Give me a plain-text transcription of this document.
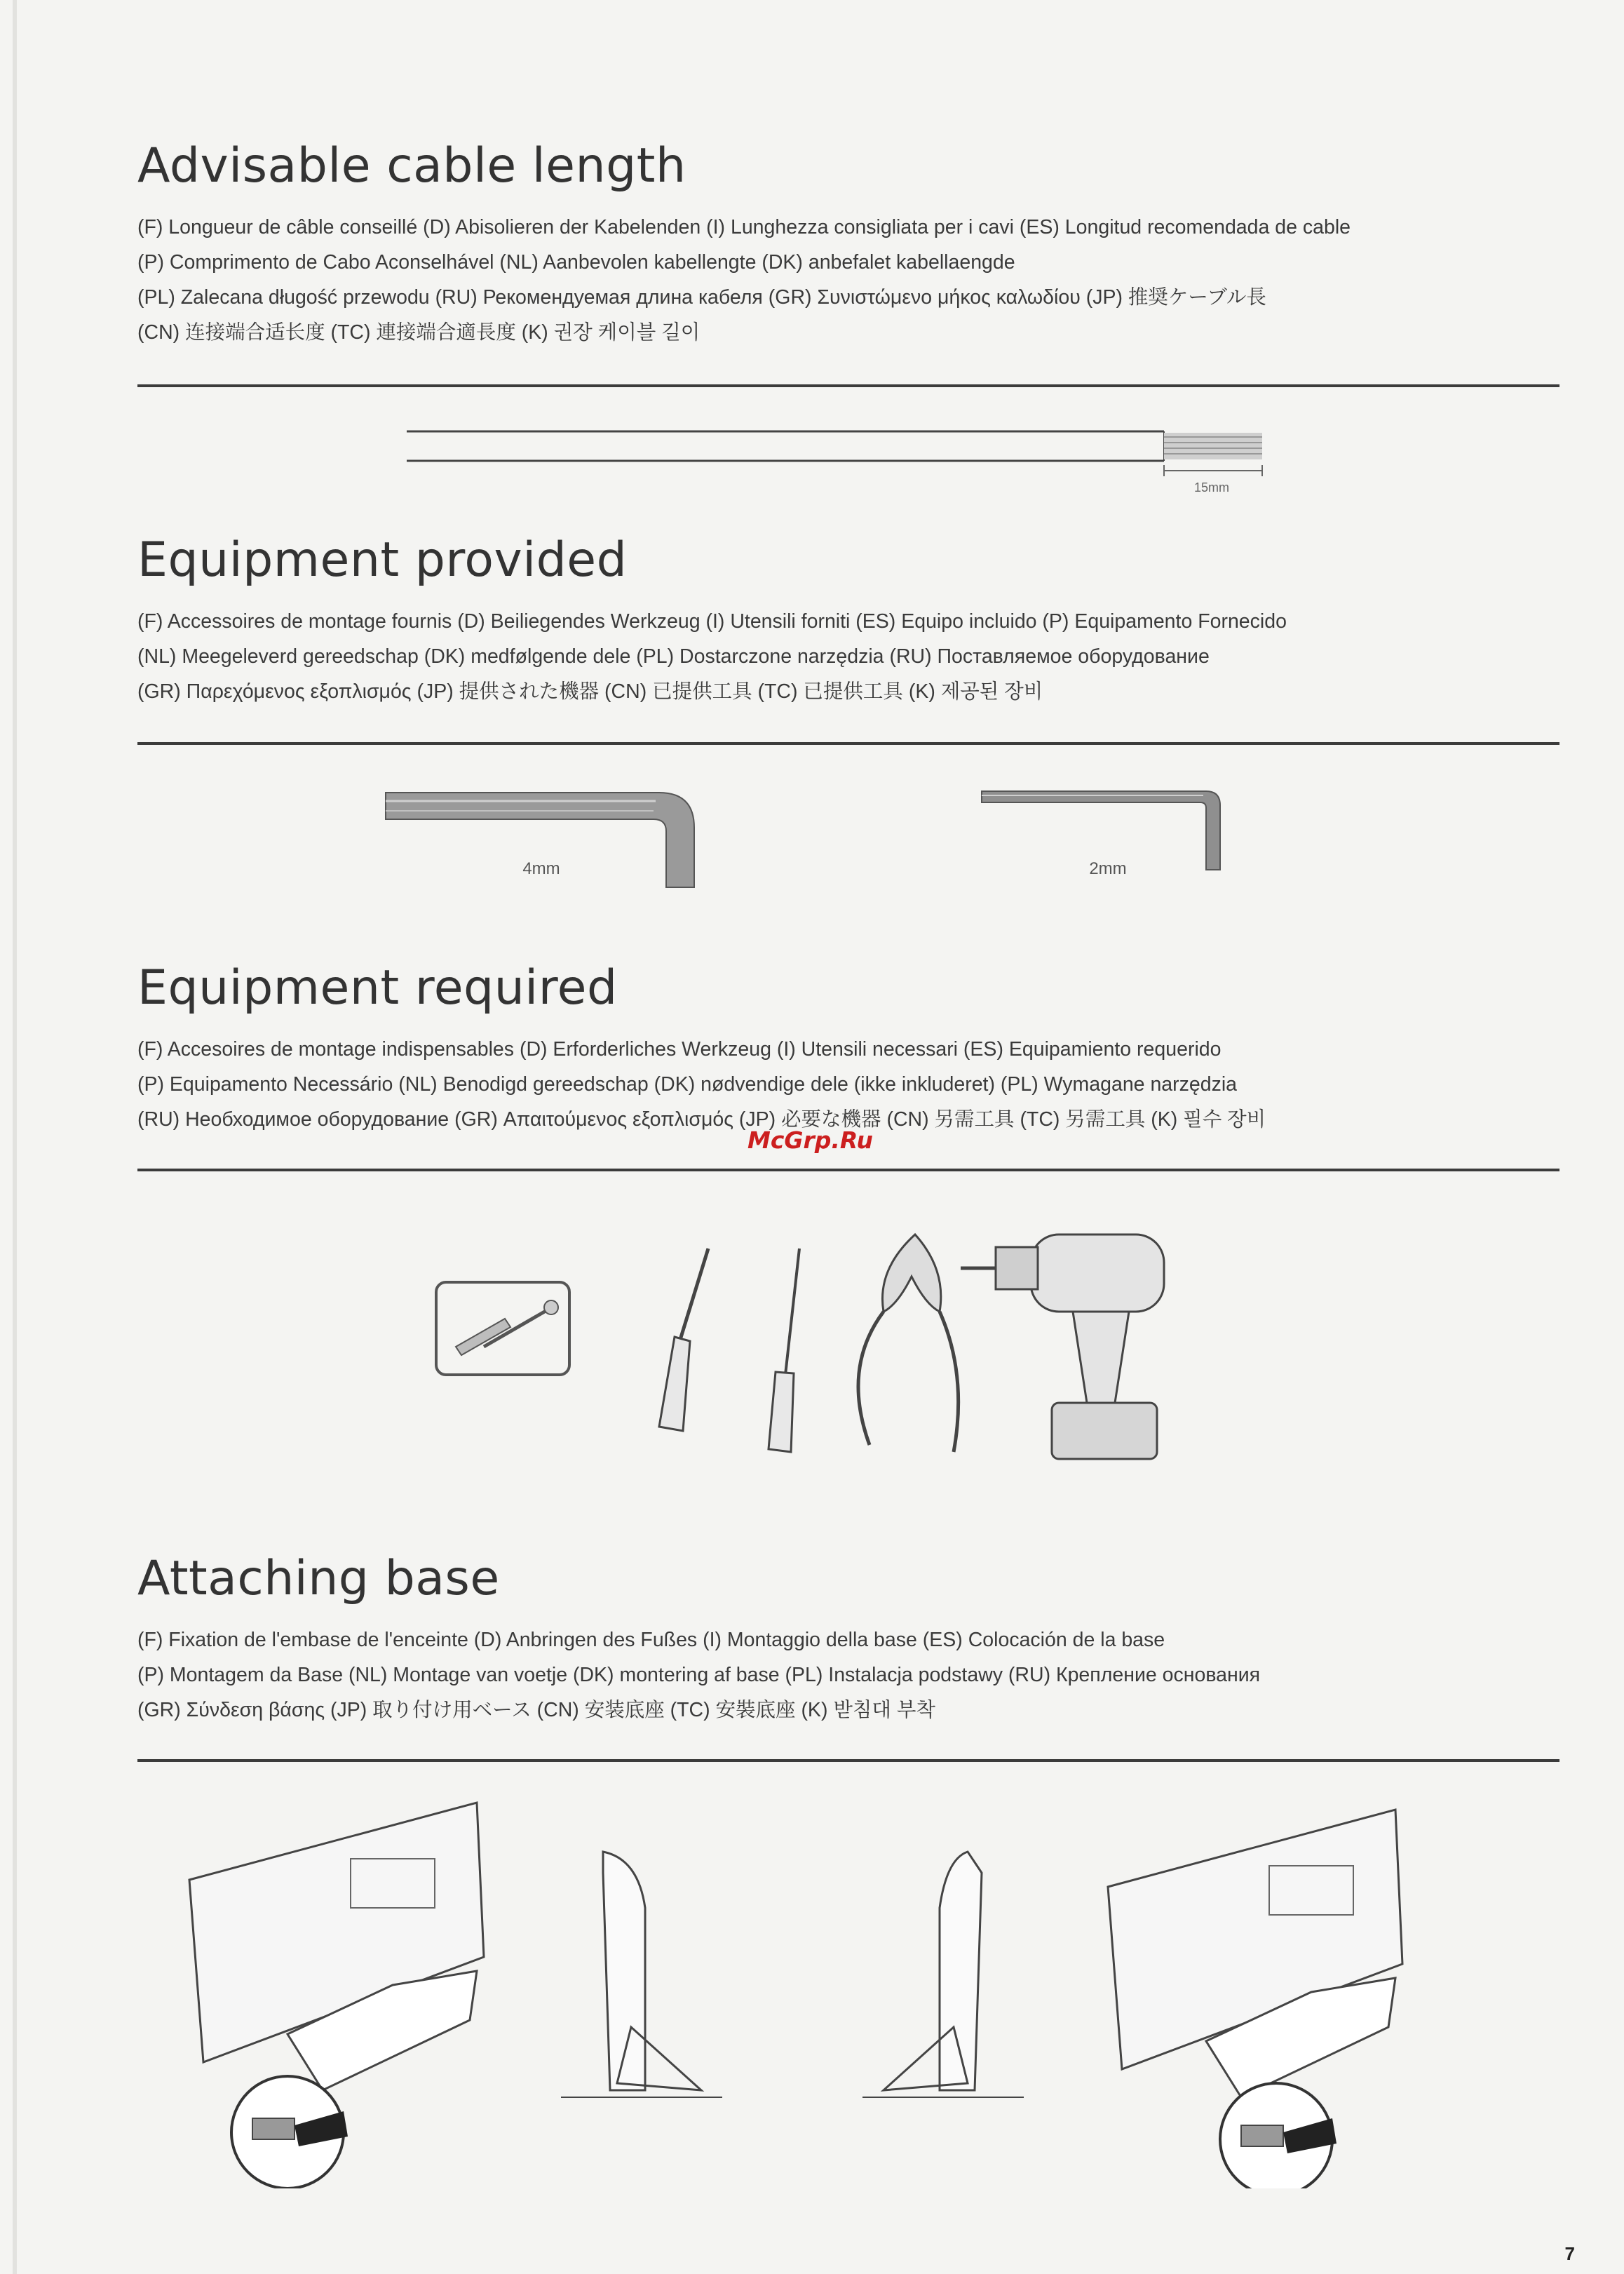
Advisable cable length
(F) Longueur de câble conseillé (D) Abisolieren der Kabelenden (I) Lunghezza consigliata per i cavi (ES) Longitud recomendada de cable
(P) Comprimento de Cabo Aconselhável (NL) Aanbevolen kabellengte (DK) anbefalet kabellaengde
(PL) Zalecana długość przewodu (RU) Рекомендуемая длина кабеля (GR) Συνιστώμενο μήκος καλωδίου (JP) 推奨ケーブル長
(CN) 连接端合适长度 (TC) 連接端合適長度 (K) 권장 케이블 길이
15mm
Equipment provided
(F) Accessoires de montage fournis (D) Beiliegendes Werkzeug (I) Utensili forniti (ES) Equipo incluido (P) Equipamento Fornecido
(NL) Meegeleverd gereedschap (DK) medfølgende dele (PL) Dostarczone narzędzia (RU) Поставляемое оборудование
(GR) Παρεχόμενος εξοπλισμός (JP) 提供された機器 (CN) 已提供工具 (TC) 已提供工具 (K) 제공된 장비
4mm	2mm
Equipment required
(F) Accesoires de montage indispensables (D) Erforderliches Werkzeug (I) Utensili necessari (ES) Equipamiento requerido
(P) Equipamento Necessário (NL) Benodigd gereedschap (DK) nødvendige dele (ikke inkluderet) (PL) Wymagane narzędzia
(RU) Необходимое оборудование (GR) Απαιτούμενος εξοπλισμός (JP) 必要な機器 (CN) 另需工具 (TC) 另需工具 (K) 필수 장비
Attaching base
(F) Fixation de l'embase de l'enceinte (D) Anbringen des Fußes (I) Montaggio della base (ES) Colocación de la base
(P) Montagem da Base (NL) Montage van voetje (DK) montering af base (PL) Instalacja podstawy (RU) Крепление основания
(GR) Σύνδεση βάσης (JP) 取り付け用ベース (CN) 安装底座 (TC) 安裝底座 (K) 받침대 부착
McGrp.Ru
7
